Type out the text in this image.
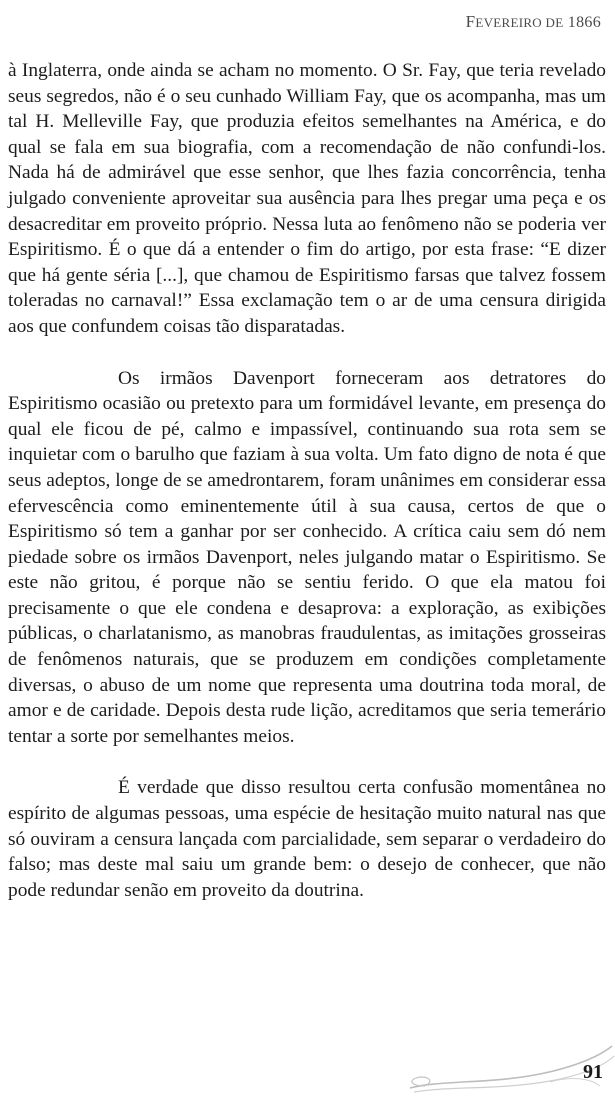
FEVEREIRO DE 1866

à Inglaterra, onde ainda se acham no momento. O Sr. Fay, que teria revelado seus segredos, não é o seu cunhado William Fay, que os acompanha, mas um tal H. Melleville Fay, que produzia efeitos semelhantes na América, e do qual se fala em sua biografia, com a recomendação de não confundi-los. Nada há de admirável que esse senhor, que lhes fazia concorrência, tenha julgado conveniente aproveitar sua ausência para lhes pregar uma peça e os desacreditar em proveito próprio. Nessa luta ao fenômeno não se poderia ver Espiritismo. É o que dá a entender o fim do artigo, por esta frase: “E dizer que há gente séria [...], que chamou de Espiritismo farsas que talvez fossem toleradas no carnaval!” Essa exclamação tem o ar de uma censura dirigida aos que confundem coisas tão disparatadas.

Os irmãos Davenport forneceram aos detratores do Espiritismo ocasião ou pretexto para um formidável levante, em presença do qual ele ficou de pé, calmo e impassível, continuando sua rota sem se inquietar com o barulho que faziam à sua volta. Um fato digno de nota é que seus adeptos, longe de se amedrontarem, foram unânimes em considerar essa efervescência como eminentemente útil à sua causa, certos de que o Espiritismo só tem a ganhar por ser conhecido. A crítica caiu sem dó nem piedade sobre os irmãos Davenport, neles julgando matar o Espiritismo. Se este não gritou, é porque não se sentiu ferido. O que ela matou foi precisamente o que ele condena e desaprova: a exploração, as exibições públicas, o charlatanismo, as manobras fraudulentas, as imitações grosseiras de fenômenos naturais, que se produzem em condições completamente diversas, o abuso de um nome que representa uma doutrina toda moral, de amor e de caridade. Depois desta rude lição, acreditamos que seria temerário tentar a sorte por semelhantes meios.

É verdade que disso resultou certa confusão momentânea no espírito de algumas pessoas, uma espécie de hesitação muito natural nas que só ouviram a censura lançada com parcialidade, sem separar o verdadeiro do falso; mas deste mal saiu um grande bem: o desejo de conhecer, que não pode redundar senão em proveito da doutrina.

91
